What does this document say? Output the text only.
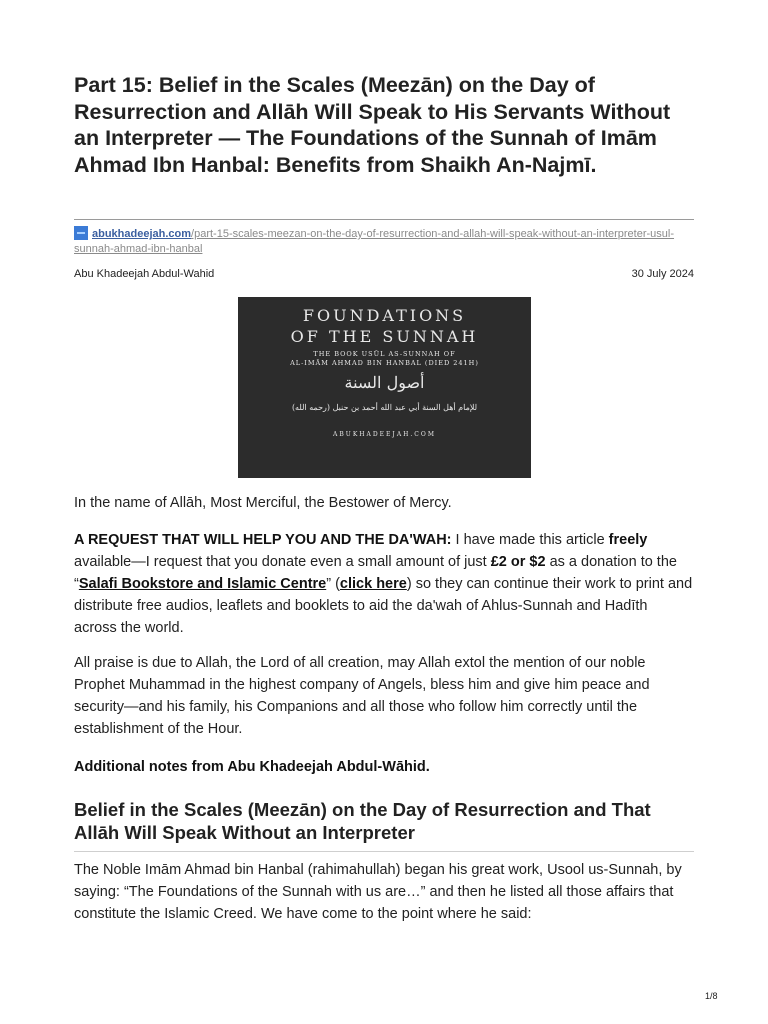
Part 15: Belief in the Scales (Meezān) on the Day of Resurrection and Allāh Will Speak to His Servants Without an Interpreter — The Foundations of the Sunnah of Imām Ahmad Ibn Hanbal: Benefits from Shaikh An-Najmī.
abukhadeejah.com/part-15-scales-meezan-on-the-day-of-resurrection-and-allah-will-speak-without-an-interpreter-usul-sunnah-ahmad-ibn-hanbal
Abu Khadeejah Abdul-Wahid	30 July 2024
FOUNDATIONS
OF THE SUNNAH
THE BOOK USŪL AS-SUNNAH OF
AL-IMĀM AHMAD BIN HANBAL (DIED 241H)
أصول السنة
للإمام أهل السنة أبي عبد الله أحمد بن حنبل (رحمه الله)
ABUKHADEEJAH.COM

In the name of Allāh, Most Merciful, the Bestower of Mercy.

A REQUEST THAT WILL HELP YOU AND THE DA'WAH: I have made this article freely available—I request that you donate even a small amount of just £2 or $2 as a donation to the “Salafi Bookstore and Islamic Centre” (click here) so they can continue their work to print and distribute free audios, leaflets and booklets to aid the da'wah of Ahlus-Sunnah and Hadīth across the world.

All praise is due to Allah, the Lord of all creation, may Allah extol the mention of our noble Prophet Muhammad in the highest company of Angels, bless him and give him peace and security—and his family, his Companions and all those who follow him correctly until the establishment of the Hour.

Additional notes from Abu Khadeejah Abdul-Wāhid.

Belief in the Scales (Meezān) on the Day of Resurrection and That Allāh Will Speak Without an Interpreter

The Noble Imām Ahmad bin Hanbal (rahimahullah) began his great work, Usool us-Sunnah, by saying: “The Foundations of the Sunnah with us are…” and then he listed all those affairs that constitute the Islamic Creed. We have come to the point where he said:

1/8
